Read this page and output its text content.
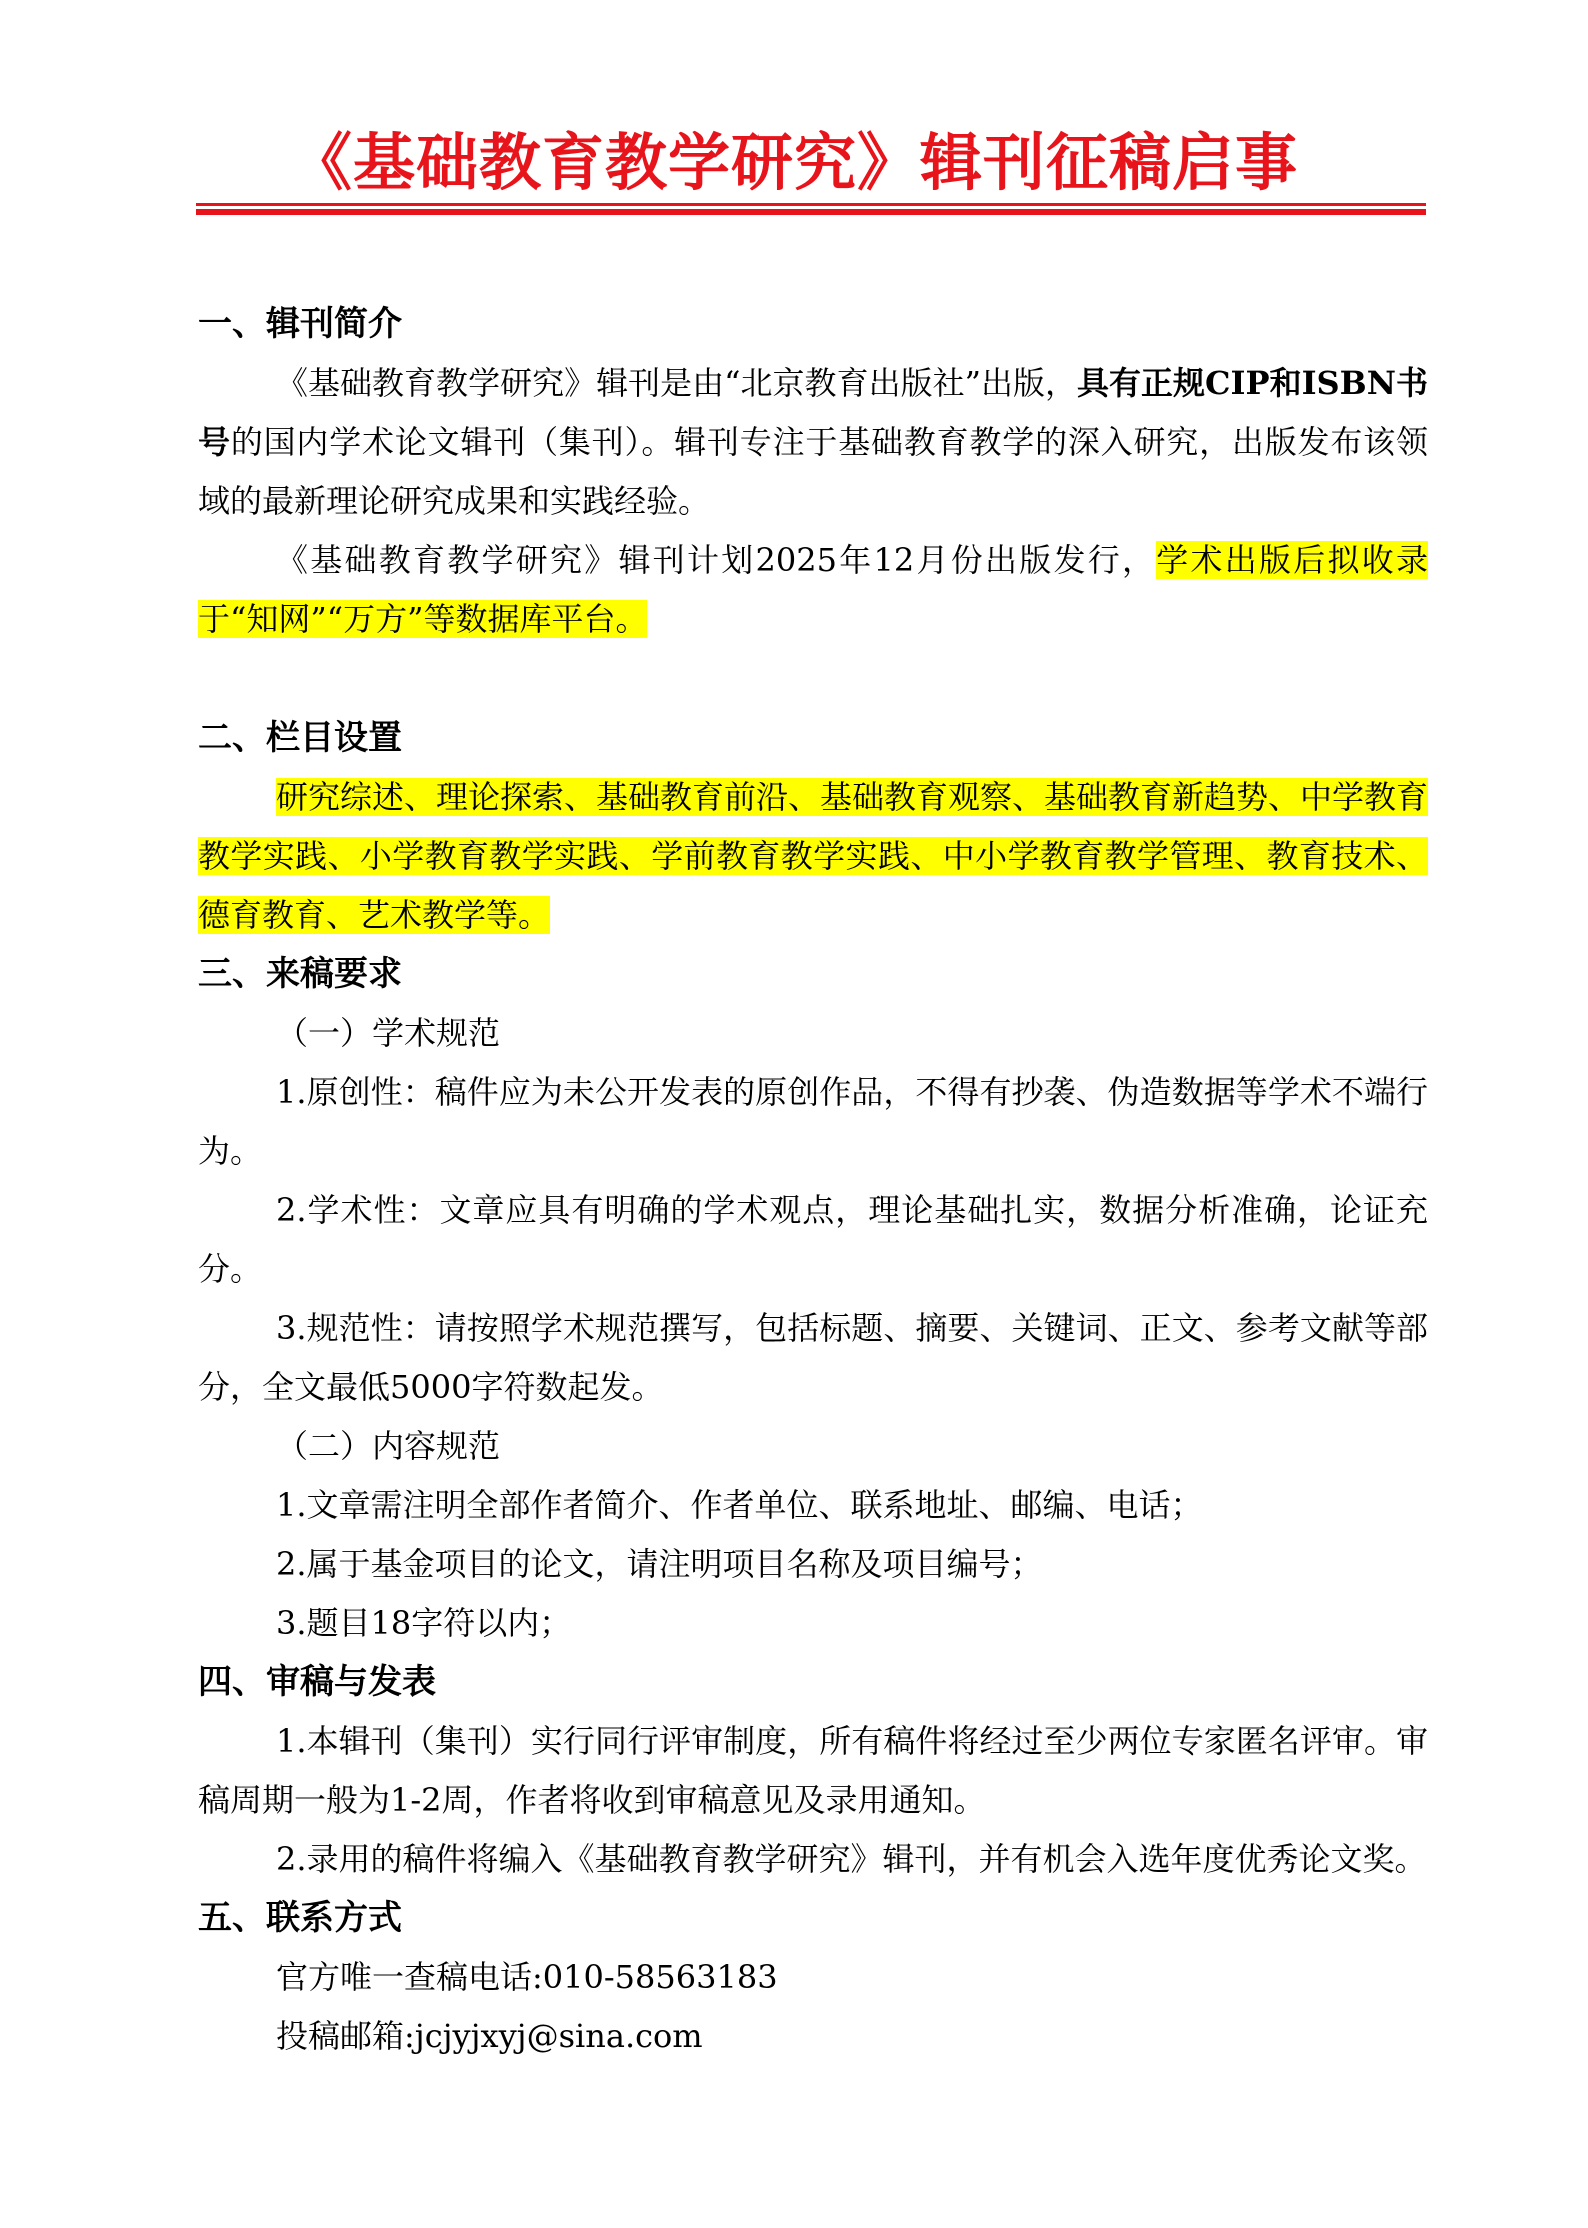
《基础教育教学研究》辑刊征稿启事
一、辑刊简介
《基础教育教学研究》辑刊是由“北京教育出版社”出版，具有正规CIP和ISBN书号的国内学术论文辑刊（集刊）。辑刊专注于基础教育教学的深入研究，出版发布该领域的最新理论研究成果和实践经验。
《基础教育教学研究》辑刊计划2025年12月份出版发行，学术出版后拟收录于“知网”“万方”等数据库平台。
二、栏目设置
研究综述、理论探索、基础教育前沿、基础教育观察、基础教育新趋势、中学教育教学实践、小学教育教学实践、学前教育教学实践、中小学教育教学管理、教育技术、德育教育、艺术教学等。
三、来稿要求
（一）学术规范
1.原创性：稿件应为未公开发表的原创作品，不得有抄袭、伪造数据等学术不端行为。
2.学术性：文章应具有明确的学术观点，理论基础扎实，数据分析准确，论证充分。
3.规范性：请按照学术规范撰写，包括标题、摘要、关键词、正文、参考文献等部分，全文最低5000字符数起发。
（二）内容规范
1.文章需注明全部作者简介、作者单位、联系地址、邮编、电话；
2.属于基金项目的论文，请注明项目名称及项目编号；
3.题目18字符以内；
四、审稿与发表
1.本辑刊（集刊）实行同行评审制度，所有稿件将经过至少两位专家匿名评审。审稿周期一般为1-2周，作者将收到审稿意见及录用通知。
2.录用的稿件将编入《基础教育教学研究》辑刊，并有机会入选年度优秀论文奖。
五、联系方式
官方唯一查稿电话:010-58563183
投稿邮箱:jcjyjxyj@sina.com
